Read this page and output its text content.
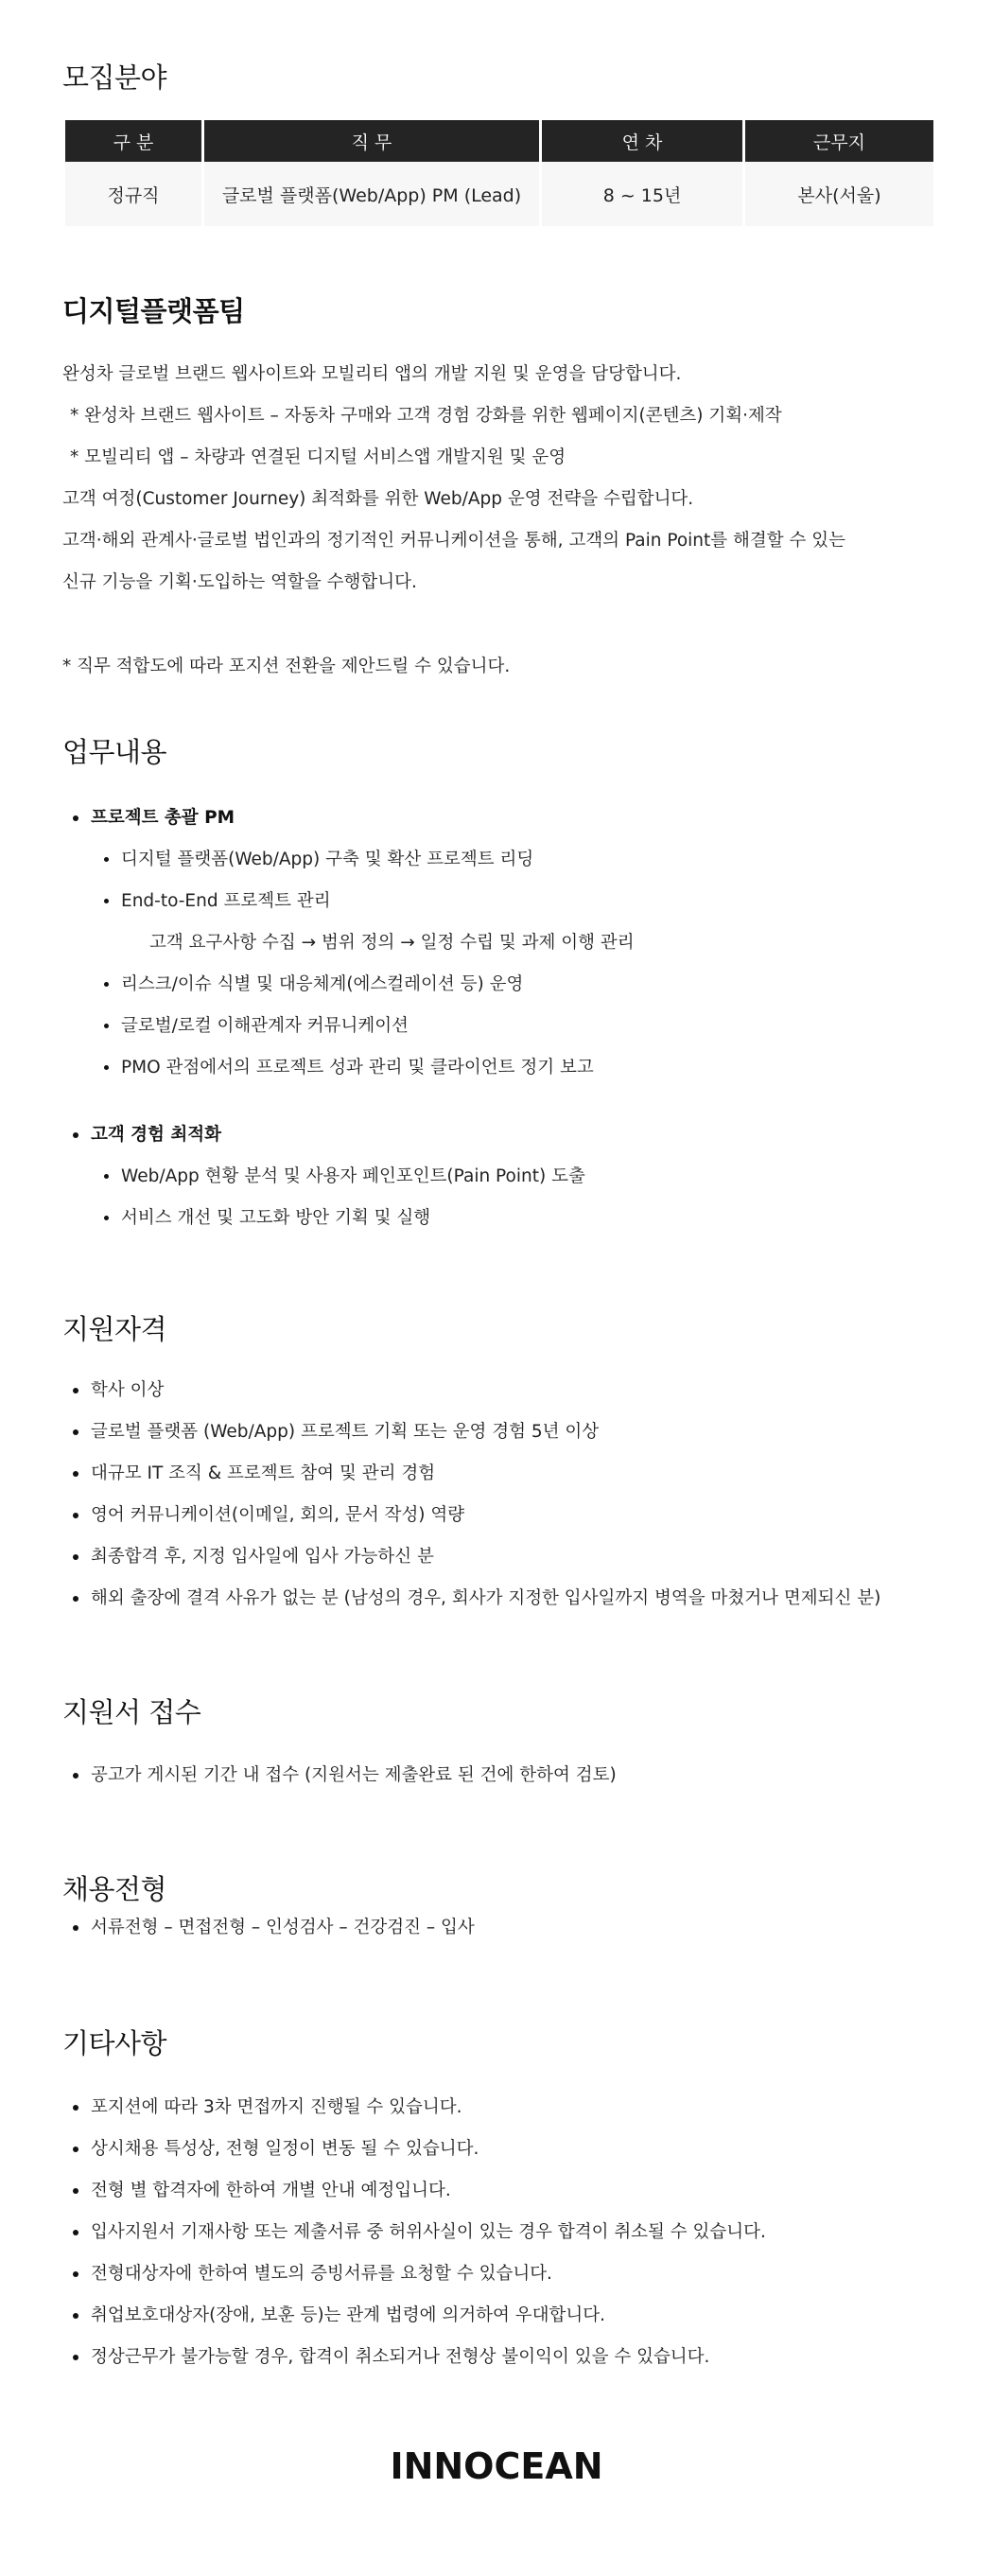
모집분야
구 분	직 무	연 차	근무지
정규직	글로벌 플랫폼(Web/App) PM (Lead)	8 ~ 15년	본사(서울)
디지털플랫폼팀
완성차 글로벌 브랜드 웹사이트와 모빌리티 앱의 개발 지원 및 운영을 담당합니다.
* 완성차 브랜드 웹사이트 – 자동차 구매와 고객 경험 강화를 위한 웹페이지(콘텐츠) 기획·제작
* 모빌리티 앱 – 차량과 연결된 디지털 서비스앱 개발지원 및 운영
고객 여정(Customer Journey) 최적화를 위한 Web/App 운영 전략을 수립합니다.
고객·해외 관계사·글로벌 법인과의 정기적인 커뮤니케이션을 통해, 고객의 Pain Point를 해결할 수 있는
신규 기능을 기획·도입하는 역할을 수행합니다.
* 직무 적합도에 따라 포지션 전환을 제안드릴 수 있습니다.
업무내용
프로젝트 총괄 PM
디지털 플랫폼(Web/App) 구축 및 확산 프로젝트 리딩
End-to-End 프로젝트 관리
고객 요구사항 수집 → 범위 정의 → 일정 수립 및 과제 이행 관리
리스크/이슈 식별 및 대응체계(에스컬레이션 등) 운영
글로벌/로컬 이해관계자 커뮤니케이션
PMO 관점에서의 프로젝트 성과 관리 및 클라이언트 정기 보고
고객 경험 최적화
Web/App 현황 분석 및 사용자 페인포인트(Pain Point) 도출
서비스 개선 및 고도화 방안 기획 및 실행
지원자격
학사 이상
글로벌 플랫폼 (Web/App) 프로젝트 기획 또는 운영 경험 5년 이상
대규모 IT 조직 & 프로젝트 참여 및 관리 경험
영어 커뮤니케이션(이메일, 회의, 문서 작성) 역량
최종합격 후, 지정 입사일에 입사 가능하신 분
해외 출장에 결격 사유가 없는 분 (남성의 경우, 회사가 지정한 입사일까지 병역을 마쳤거나 면제되신 분)
지원서 접수
공고가 게시된 기간 내 접수 (지원서는 제출완료 된 건에 한하여 검토)
채용전형
서류전형 – 면접전형 – 인성검사 – 건강검진 – 입사
기타사항
포지션에 따라 3차 면접까지 진행될 수 있습니다.
상시채용 특성상, 전형 일정이 변동 될 수 있습니다.
전형 별 합격자에 한하여 개별 안내 예정입니다.
입사지원서 기재사항 또는 제출서류 중 허위사실이 있는 경우 합격이 취소될 수 있습니다.
전형대상자에 한하여 별도의 증빙서류를 요청할 수 있습니다.
취업보호대상자(장애, 보훈 등)는 관계 법령에 의거하여 우대합니다.
정상근무가 불가능할 경우, 합격이 취소되거나 전형상 불이익이 있을 수 있습니다.
INNOCEAN
